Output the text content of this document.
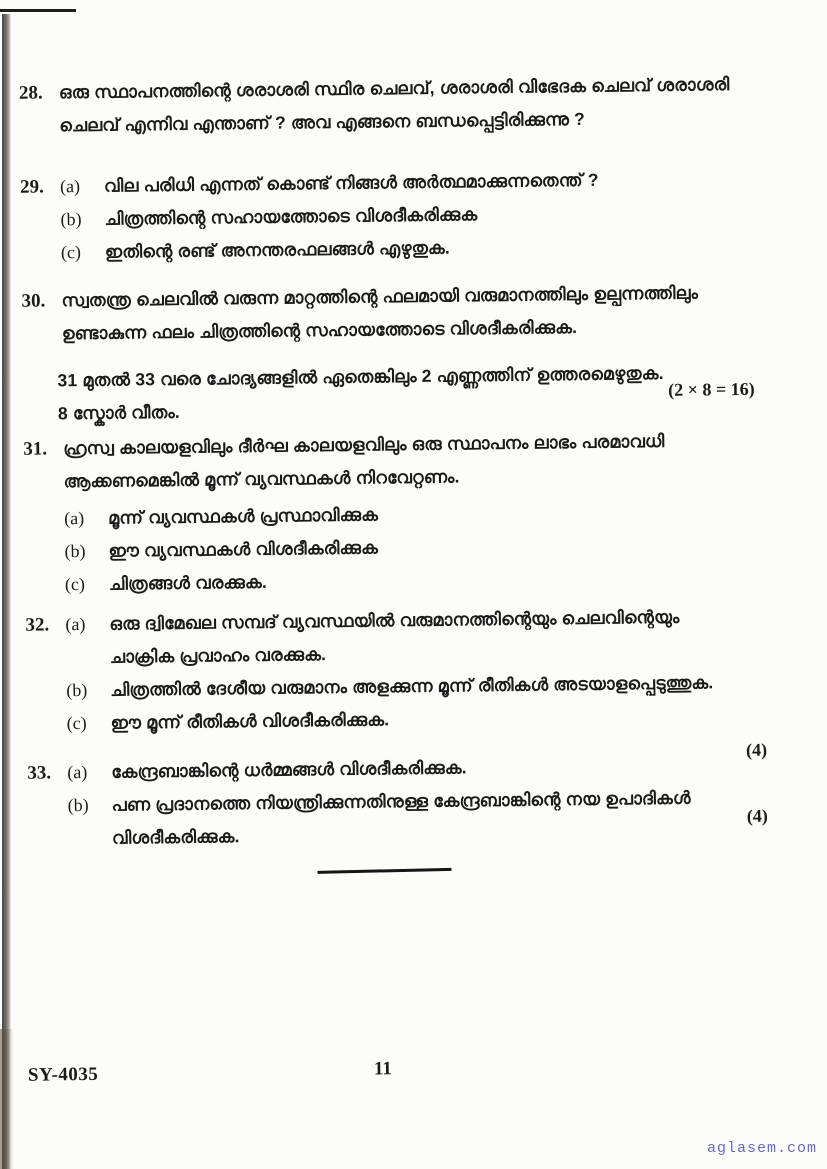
28. ഒരു സ്ഥാപനത്തിന്റെ ശരാശരി സ്ഥിര ചെലവ്, ശരാശരി വിഭേദക ചെലവ് ശരാശരി
ചെലവ് എന്നിവ എന്താണ് ? അവ എങ്ങനെ ബന്ധപ്പെട്ടിരിക്കുന്നു ?
29. (a)	വില പരിധി എന്നത് കൊണ്ട് നിങ്ങൾ അർത്ഥമാക്കുന്നതെന്ത് ?
(b)	ചിത്രത്തിന്റെ സഹായത്തോടെ വിശദീകരിക്കുക
(c)	ഇതിന്റെ രണ്ട് അനന്തരഫലങ്ങൾ എഴുതുക.
30. സ്വതന്ത്ര ചെലവിൽ വരുന്ന മാറ്റത്തിന്റെ ഫലമായി വരുമാനത്തിലും ഉല്പന്നത്തിലും
ഉണ്ടാകുന്ന ഫലം ചിത്രത്തിന്റെ സഹായത്തോടെ വിശദീകരിക്കുക.
31 മുതൽ 33 വരെ ചോദ്യങ്ങളിൽ ഏതെങ്കിലും 2 എണ്ണത്തിന് ഉത്തരമെഴുതുക.
8 സ്കോർ വീതം.
(2 × 8 = 16)
31. ഹ്രസ്വ കാലയളവിലും ദീർഘ കാലയളവിലും ഒരു സ്ഥാപനം ലാഭം പരമാവധി
ആക്കണമെങ്കിൽ മൂന്ന് വ്യവസ്ഥകൾ നിറവേറ്റണം.
(a)	മൂന്ന് വ്യവസ്ഥകൾ പ്രസ്ഥാവിക്കുക
(b)	ഈ വ്യവസ്ഥകൾ വിശദീകരിക്കുക
(c)	ചിത്രങ്ങൾ വരക്കുക.
32. (a)	ഒരു ദ്വിമേഖല സമ്പദ് വ്യവസ്ഥയിൽ വരുമാനത്തിന്റെയും ചെലവിന്റെയും
ചാക്രിക പ്രവാഹം വരക്കുക.
(b)	ചിത്രത്തിൽ ദേശീയ വരുമാനം അളക്കുന്ന മൂന്ന് രീതികൾ അടയാളപ്പെടുത്തുക.
(c)	ഈ മൂന്ന് രീതികൾ വിശദീകരിക്കുക.
33. (a)	കേന്ദ്രബാങ്കിന്റെ ധർമ്മങ്ങൾ വിശദീകരിക്കുക.
(4)
(b)	പണ പ്രദാനത്തെ നിയന്ത്രിക്കുന്നതിനുള്ള കേന്ദ്രബാങ്കിന്റെ നയ ഉപാദികൾ
വിശദീകരിക്കുക.
(4)
SY-4035	11
aglasem.com
